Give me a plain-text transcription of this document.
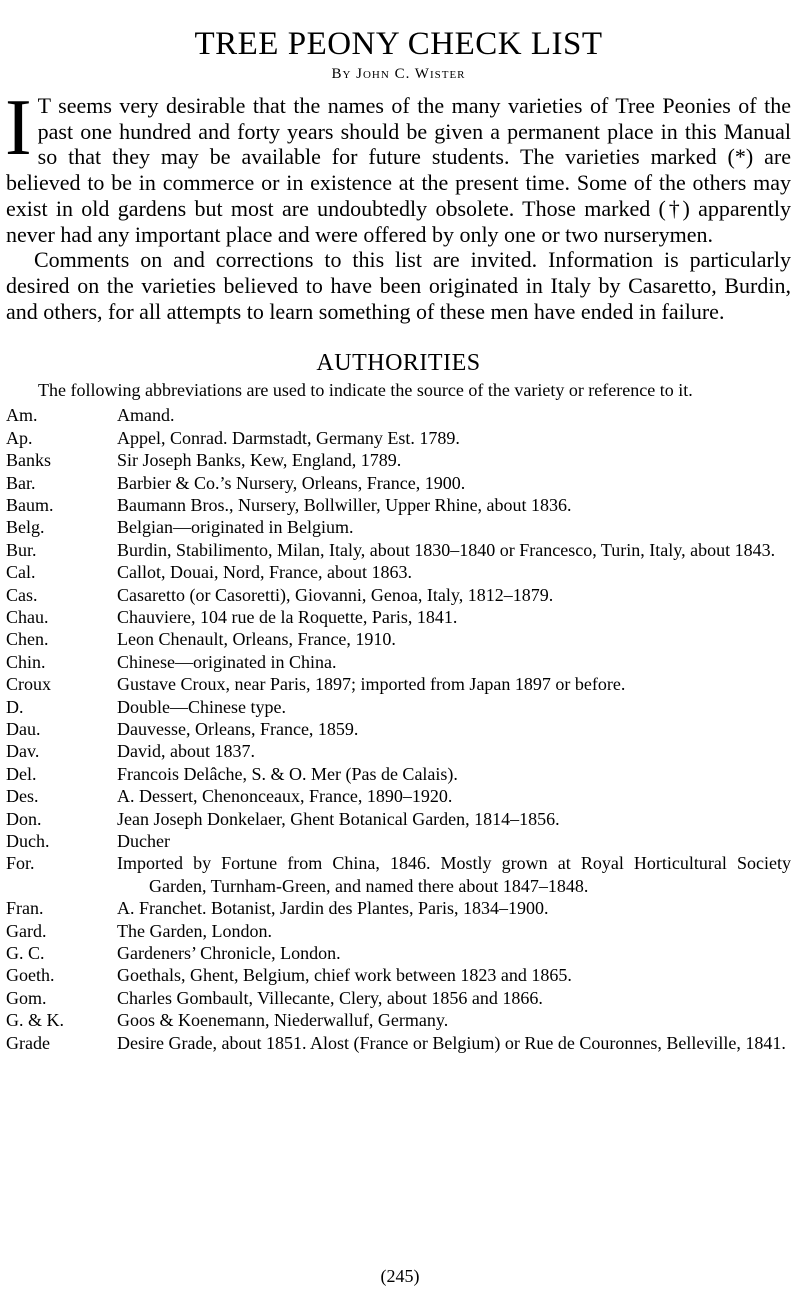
TREE PEONY CHECK LIST
By John C. Wister

I T seems very desirable that the names of the many varieties of Tree Peonies of the past one hundred and forty years should be given a permanent place in this Manual so that they may be available for future students. The varieties marked (*) are believed to be in commerce or in existence at the present time. Some of the others may exist in old gardens but most are undoubtedly obsolete. Those marked (†) apparently never had any important place and were offered by only one or two nurserymen.

Comments on and corrections to this list are invited. Information is particularly desired on the varieties believed to have been originated in Italy by Casaretto, Burdin, and others, for all attempts to learn something of these men have ended in failure.

AUTHORITIES
The following abbreviations are used to indicate the source of the variety or reference to it.
Am.	Amand.
Ap.	Appel, Conrad. Darmstadt, Germany Est. 1789.
Banks	Sir Joseph Banks, Kew, England, 1789.
Bar.	Barbier & Co.’s Nursery, Orleans, France, 1900.
Baum.	Baumann Bros., Nursery, Bollwiller, Upper Rhine, about 1836.
Belg.	Belgian—originated in Belgium.
Bur.	Burdin, Stabilimento, Milan, Italy, about 1830–1840 or Francesco, Turin, Italy, about 1843.
Cal.	Callot, Douai, Nord, France, about 1863.
Cas.	Casaretto (or Casoretti), Giovanni, Genoa, Italy, 1812–1879.
Chau.	Chauviere, 104 rue de la Roquette, Paris, 1841.
Chen.	Leon Chenault, Orleans, France, 1910.
Chin.	Chinese—originated in China.
Croux	Gustave Croux, near Paris, 1897; imported from Japan 1897 or before.
D.	Double—Chinese type.
Dau.	Dauvesse, Orleans, France, 1859.
Dav.	David, about 1837.
Del.	Francois Delâche, S. & O. Mer (Pas de Calais).
Des.	A. Dessert, Chenonceaux, France, 1890–1920.
Don.	Jean Joseph Donkelaer, Ghent Botanical Garden, 1814–1856.
Duch.	Ducher
For.	Imported by Fortune from China, 1846. Mostly grown at Royal Horticultural Society Garden, Turnham-Green, and named there about 1847–1848.
Fran.	A. Franchet. Botanist, Jardin des Plantes, Paris, 1834–1900.
Gard.	The Garden, London.
G. C.	Gardeners’ Chronicle, London.
Goeth.	Goethals, Ghent, Belgium, chief work between 1823 and 1865.
Gom.	Charles Gombault, Villecante, Clery, about 1856 and 1866.
G. & K.	Goos & Koenemann, Niederwalluf, Germany.
Grade	Desire Grade, about 1851. Alost (France or Belgium) or Rue de Couronnes, Belleville, 1841.
(245)
